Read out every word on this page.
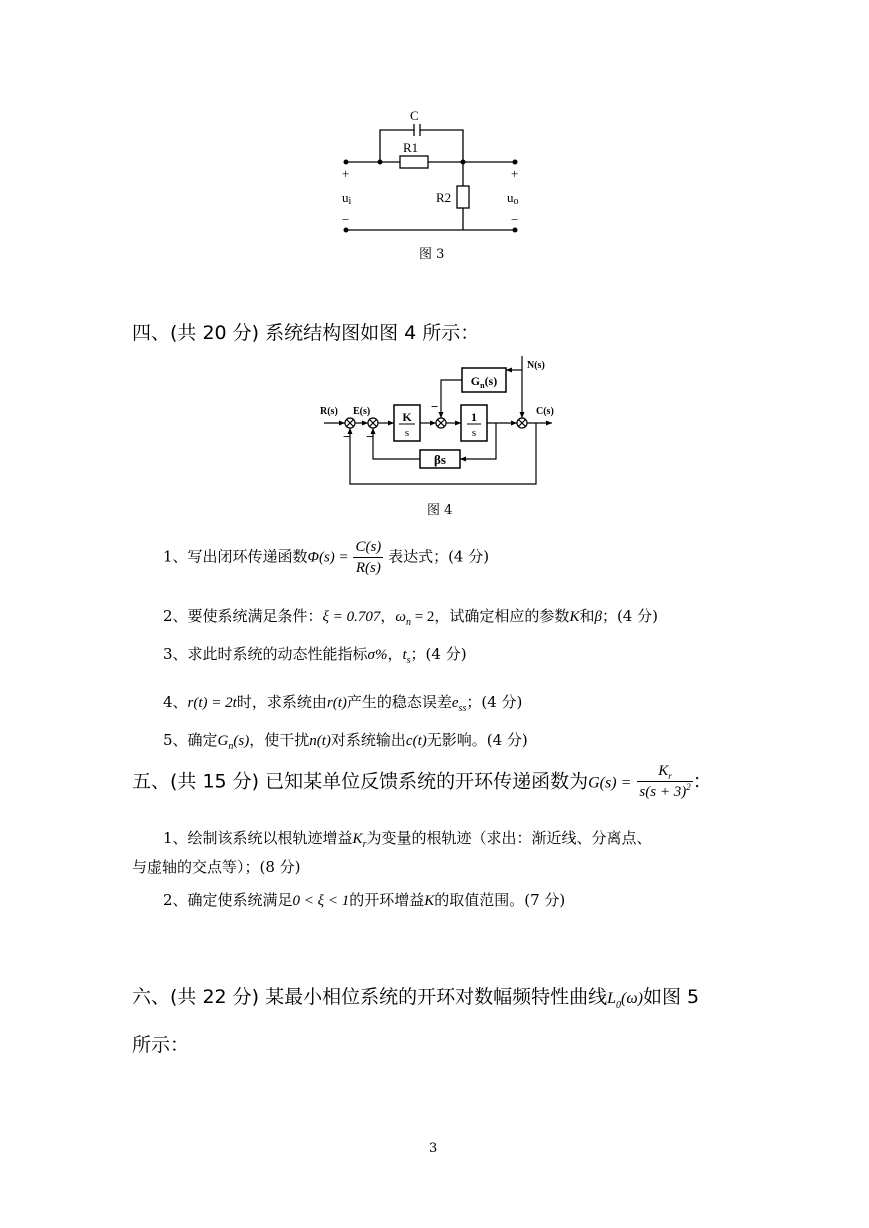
C
R1
R2
+
−
+
−
ui	uo
图 3
四、(共 20 分) 系统结构图如图 4 所示：
R(s) E(s)	C(s)
N(s)
− −
−
K
s
1
s
$G_n(s)$
βs
图 4
1、写出闭环传递函数$\Phi(s) = \frac{C(s)}{R(s)}$ 表达式；(4 分)
2、要使系统满足条件：ξ = 0.707，$\omega_n = 2$，试确定相应的参数K和β；(4 分)
3、求此时系统的动态性能指标σ%，$t_s$；(4 分)
4、r(t) = 2t时，求系统由r(t)产生的稳态误差$e_{ss}$；(4 分)
5、确定$G_n(s)$，使干扰n(t)对系统输出c(t)无影响。(4 分)
五、(共 15 分) 已知某单位反馈系统的开环传递函数为$G(s) = \frac{K_r}{s(s + 3)^2}$ ：
1、绘制该系统以根轨迹增益$K_r$为变量的根轨迹（求出：渐近线、分离点、
与虚轴的交点等）；(8 分)
2、确定使系统满足0 < ξ < 1的开环增益K的取值范围。(7 分)
六、(共 22 分) 某最小相位系统的开环对数幅频特性曲线$L_0(\omega)$如图 5
所示：
3
